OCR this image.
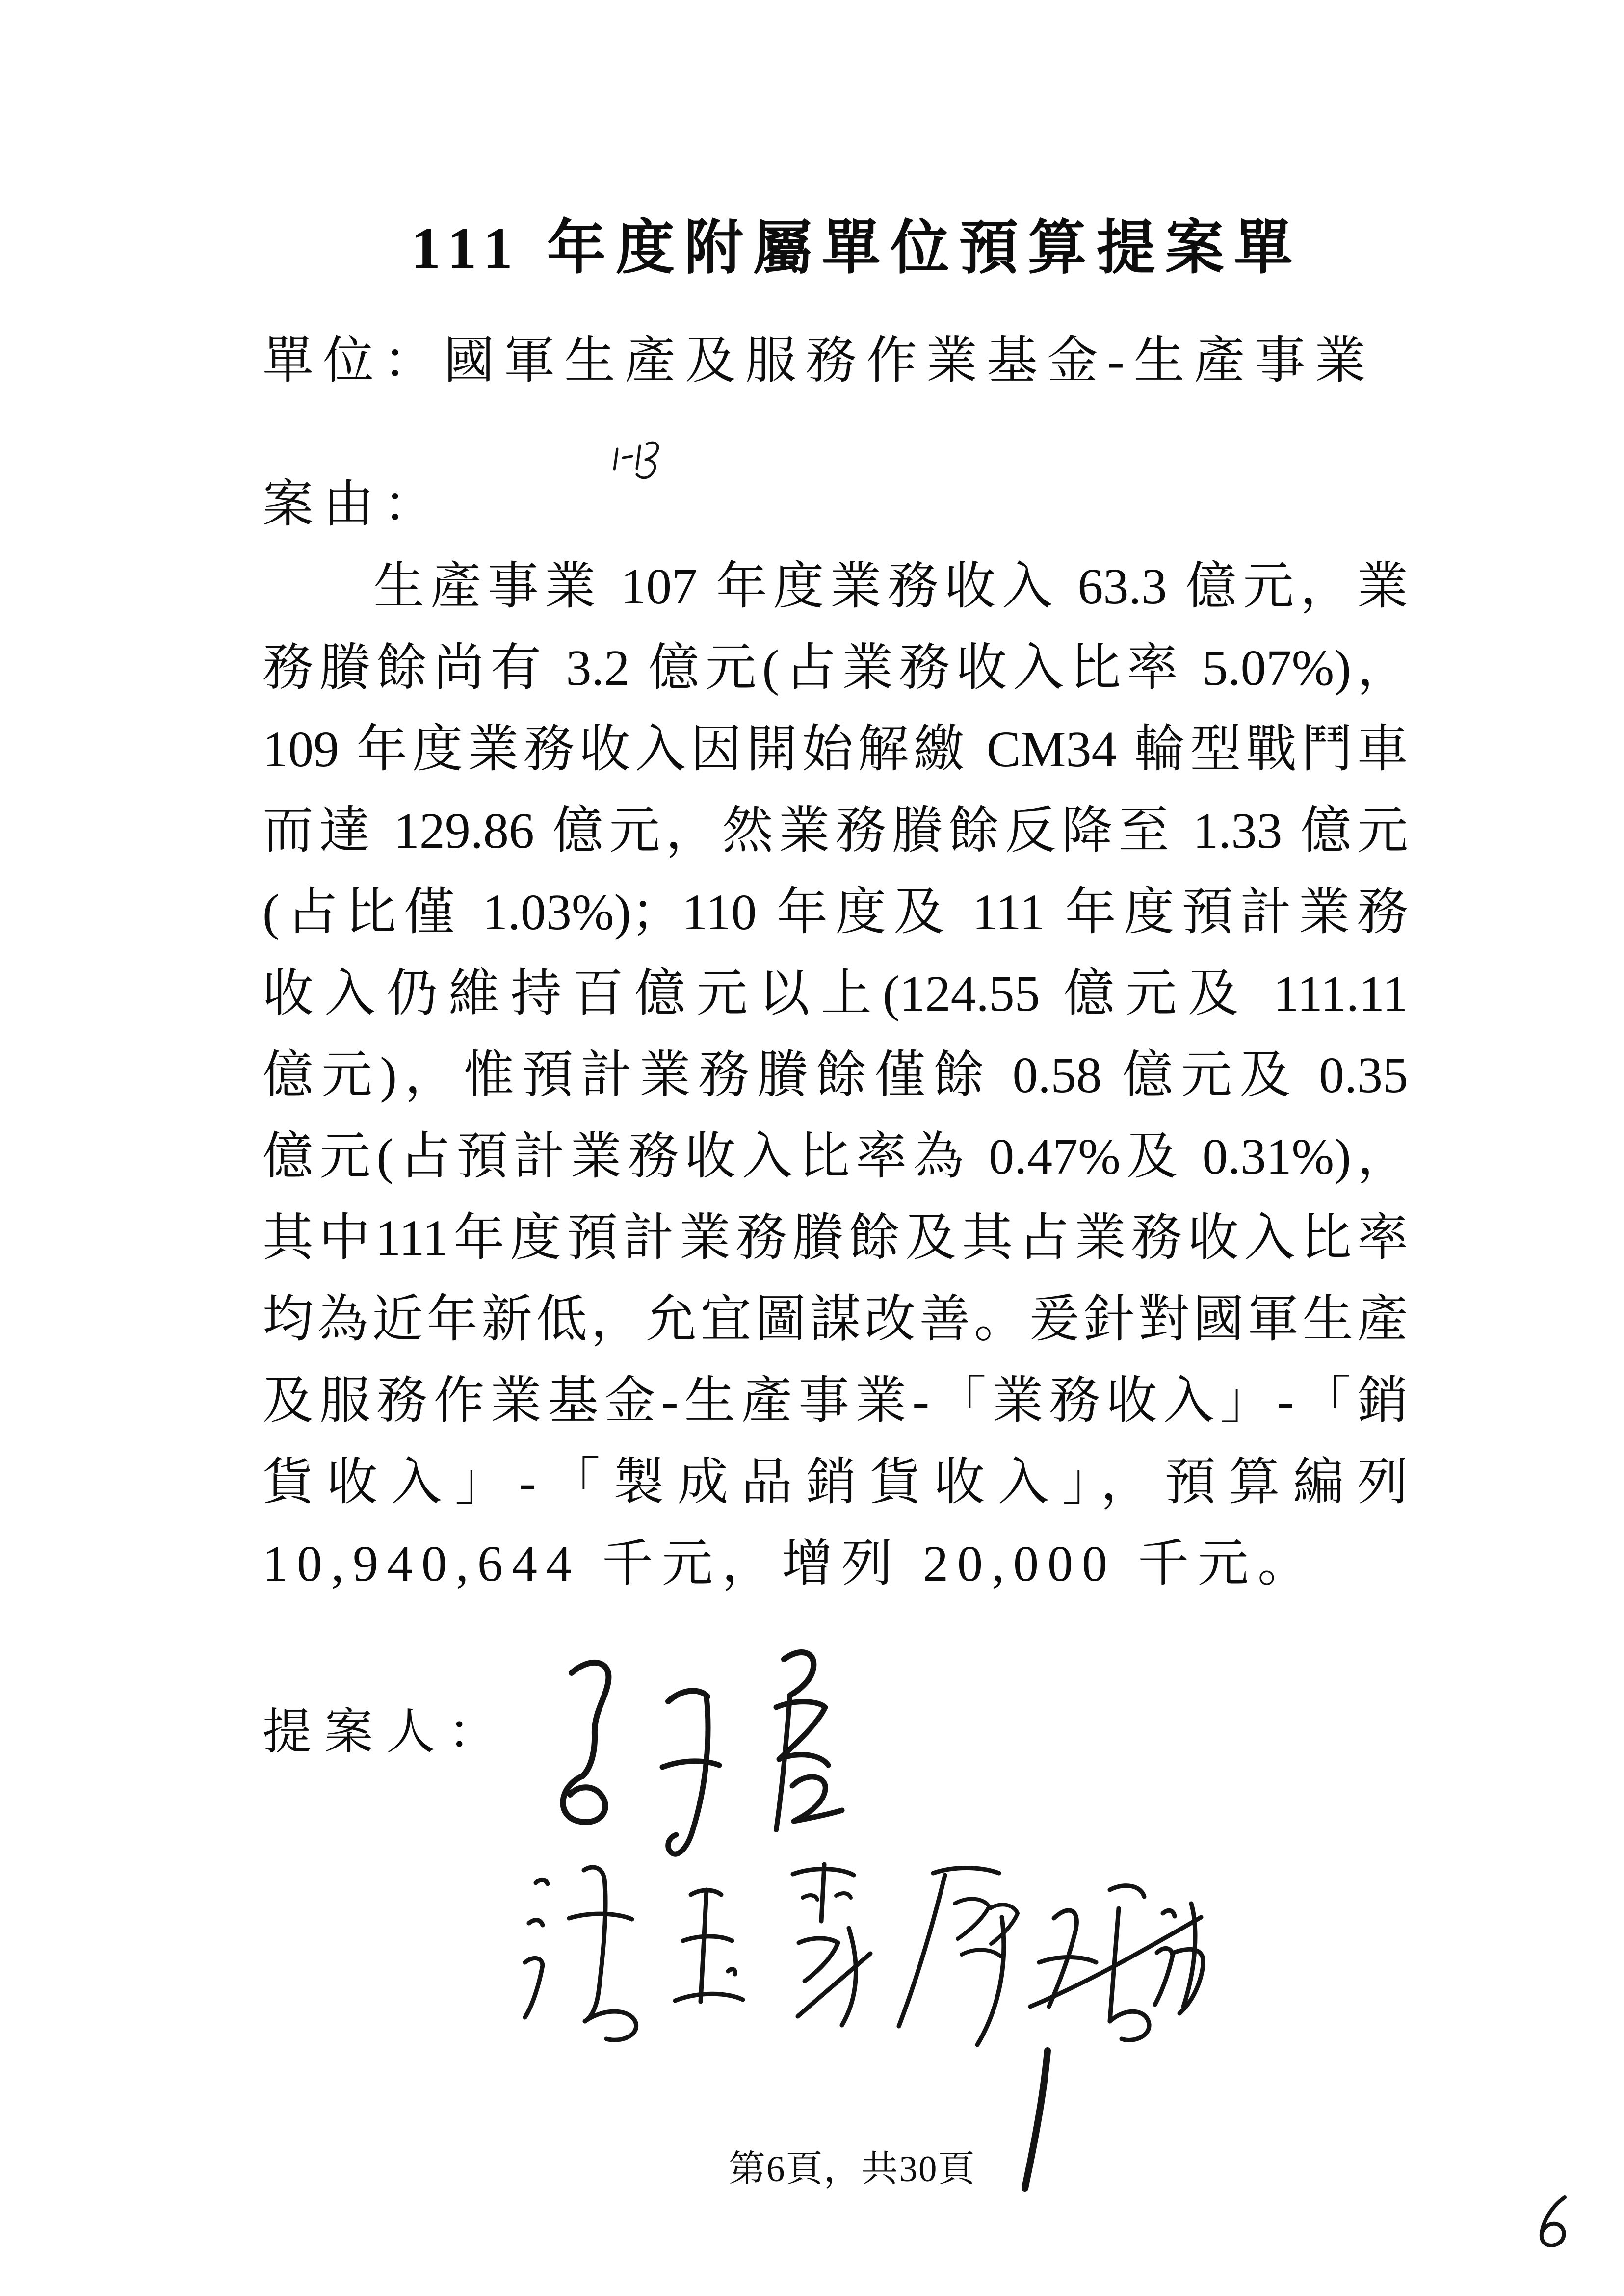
111 年度附屬單位預算提案單
單位：國軍生產及服務作業基金-生產事業
案由：
生產事業 107 年度業務收入 63.3 億元，業
務賸餘尚有 3.2 億元(占業務收入比率 5.07%)，
109 年度業務收入因開始解繳 CM34 輪型戰鬥車
而達 129.86 億元，然業務賸餘反降至 1.33 億元
(占比僅 1.03%)；110 年度及 111 年度預計業務
收入仍維持百億元以上(124.55 億元及 111.11
億元)，惟預計業務賸餘僅餘 0.58 億元及 0.35
億元(占預計業務收入比率為 0.47%及 0.31%)，
其中111年度預計業務賸餘及其占業務收入比率
均為近年新低，允宜圖謀改善。爰針對國軍生產
及服務作業基金-生產事業-「業務收入」-「銷
貨收入」-「製成品銷貨收入」，預算編列
10,940,644 千元，增列 20,000 千元。
提案人：
第6頁，共30頁
